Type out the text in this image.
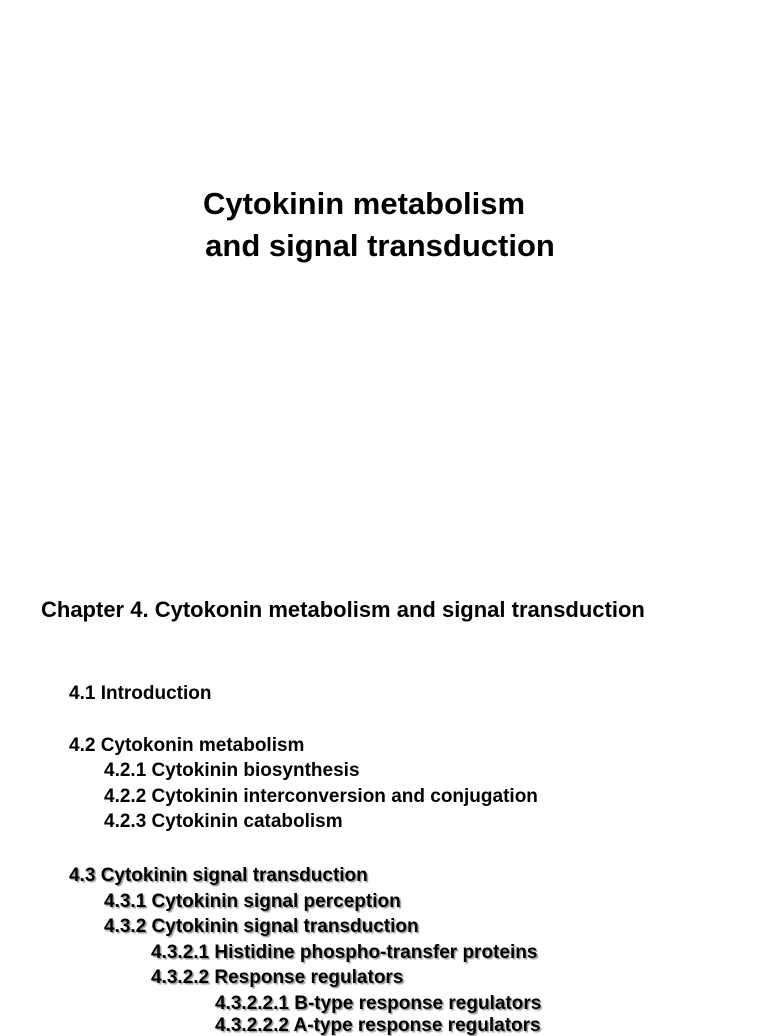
Cytokinin metabolism
and signal transduction
Chapter 4. Cytokonin metabolism and signal transduction
4.1 Introduction
4.2 Cytokonin metabolism
4.2.1 Cytokinin biosynthesis
4.2.2 Cytokinin interconversion and conjugation
4.2.3 Cytokinin catabolism
4.3 Cytokinin signal transduction
4.3.1 Cytokinin signal perception
4.3.2 Cytokinin signal transduction
4.3.2.1 Histidine phospho-transfer proteins
4.3.2.2 Response regulators
4.3.2.2.1 B-type response regulators
4.3.2.2.2 A-type response regulators
